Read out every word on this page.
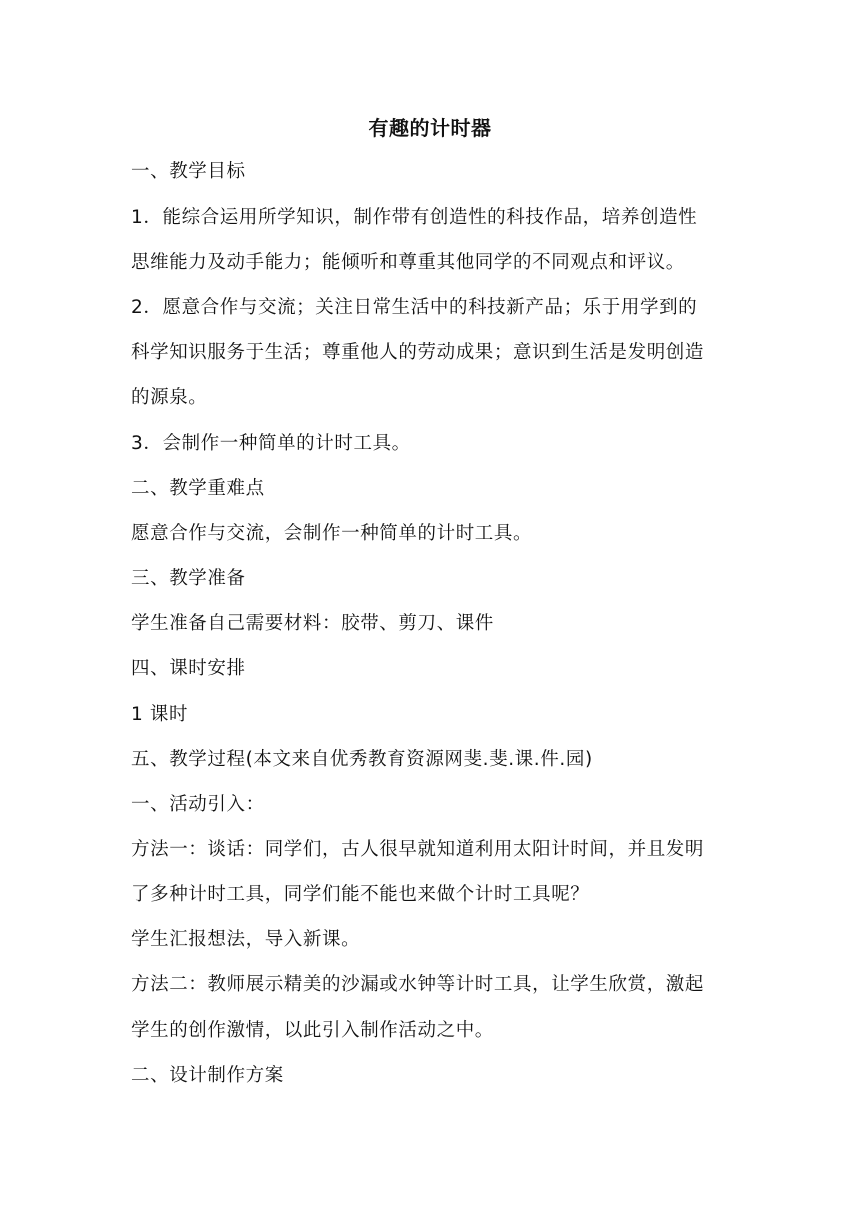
有趣的计时器
一、教学目标
1．能综合运用所学知识，制作带有创造性的科技作品，培养创造性
思维能力及动手能力；能倾听和尊重其他同学的不同观点和评议。
2．愿意合作与交流；关注日常生活中的科技新产品；乐于用学到的
科学知识服务于生活；尊重他人的劳动成果；意识到生活是发明创造
的源泉。
3．会制作一种简单的计时工具。
二、教学重难点
愿意合作与交流，会制作一种简单的计时工具。
三、教学准备
学生准备自己需要材料：胶带、剪刀、课件
四、课时安排
1 课时
五、教学过程(本文来自优秀教育资源网斐.斐.课.件.园)
一、活动引入：
方法一：谈话：同学们，古人很早就知道利用太阳计时间，并且发明
了多种计时工具，同学们能不能也来做个计时工具呢？
学生汇报想法，导入新课。
方法二：教师展示精美的沙漏或水钟等计时工具，让学生欣赏，激起
学生的创作激情，以此引入制作活动之中。
二、设计制作方案
